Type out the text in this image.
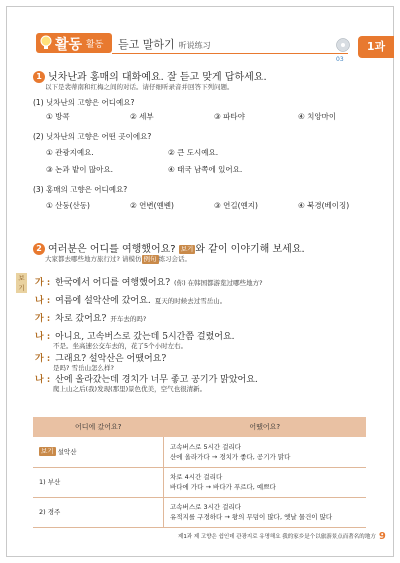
활동 활동 듣고 말하기 听说练习
03
1과
1 닛차난과 홍매의 대화예요. 잘 듣고 맞게 답하세요.
以下是裴蒂南和红梅之间的对话。请仔细听录音并回答下列问题。
(1) 닛차난의 고향은 어디예요?
① 방콕	② 세부	③ 파타야	④ 치앙마이
(2) 닛차난의 고향은 어떤 곳이에요?
① 관광지예요.	② 큰 도시예요.
③ 논과 밭이 많아요.	④ 태국 남쪽에 있어요.
(3) 홍매의 고향은 어디예요?
① 산둥(산동)	② 연변(옌볜)	③ 연길(옌지)	④ 북경(베이징)
2 여러분은 어디를 여행했어요? 보기 와 같이 이야기해 보세요.
大家都去哪些地方旅行过? 请模仿 例句 练习会话。
보기 가 : 한국에서 어디를 여행했어요? (你) 在韩国都游览过哪些地方?
나 : 여름에 설악산에 갔어요. 夏天的时候去过雪岳山。
가 : 차로 갔어요? 开车去的吗?
나 : 아니요, 고속버스로 갔는데 5시간쯤 걸렸어요.
不是。坐高速公交车去的，花了5个小时左右。
가 : 그래요? 설악산은 어땠어요?
是吗? 雪岳山怎么样?
나 : 산에 올라갔는데 경치가 너무 좋고 공기가 맑았어요.
爬上山之后(我)发现(那里)景色优美，空气也很清新。
어디에 갔어요?	어땠어요?
보기 설악산	고속버스로 5시간 걸리다
산에 올라가다 → 경치가 좋다, 공기가 맑다

1) 부산	차로 4시간 걸리다
바다에 가다 → 바다가 푸르다, 예쁘다

2) 경주	고속버스로 3시간 걸리다
유적지를 구경하다 → 왕의 무덤이 많다, 옛날 물건이 많다
제1과 제 고향은 쉼인데 관광지로 유명해요 我的家乡是个以旅游景点而著名的地方 9
